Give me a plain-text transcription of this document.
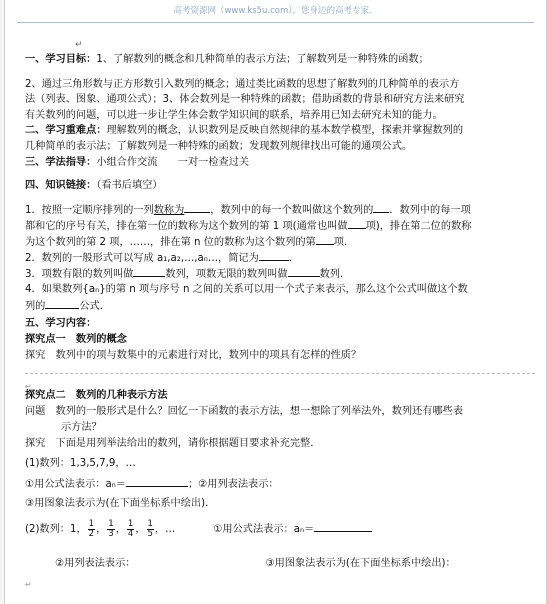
高考资源网（www.ks5u.com），您身边的高考专家。
↵
一、学习目标：1、了解数列的概念和几种简单的表示方法；了解数列是一种特殊的函数；
2、通过三角形数与正方形数引入数列的概念；通过类比函数的思想了解数列的几种简单的表示方
法（列表、图象、通项公式）；3、体会数列是一种特殊的函数；借助函数的背景和研究方法来研究
有关数列的问题，可以进一步让学生体会数学知识间的联系，培养用已知去研究未知的能力。
二、学习重难点：理解数列的概念，认识数列是反映自然规律的基本数学模型，探索并掌握数列的
几种简单的表示法；了解数列是一种特殊的函数；发现数列规律找出可能的通项公式。
三、学法指导：小组合作交流　　一对一检查过关
四、知识链接：（看书后填空）
1．按照一定顺序排列的一列数称为	，数列中的每一个数叫做这个数列的 ．数列中的每一项
都和它的序号有关，排在第一位的数称为这个数列的第 1 项(通常也叫做 项)，排在第二位的数称
为这个数列的第 2 项，……，排在第 n 位的数称为这个数列的第 项．
2．数列的一般形式可以写成 a₁,a₂,…,aₙ…，简记为	．
3．项数有限的数列叫做	数列，项数无限的数列叫做	数列．
4．如果数列{aₙ}的第 n 项与序号 n 之间的关系可以用一个式子来表示，那么这个公式叫做这个数
列的	公式．
五、学习内容：
探究点一　数列的概念
探究　数列中的项与数集中的元素进行对比，数列中的项具有怎样的性质？
探究点二　数列的几种表示方法
问题　数列的一般形式是什么？回忆一下函数的表示方法，想一想除了列举法外，数列还有哪些表
示方法？
探究　下面是用列举法给出的数列，请你根据题目要求补充完整．
(1)数列：1,3,5,7,9，…
①用公式法表示：aₙ＝	；②用列表法表示：
③用图象法表示为(在下面坐标系中绘出)．
(2)数列：1， $\frac{1}{2}$ ， $\frac{1}{3}$ ， $\frac{1}{4}$ ， $\frac{1}{5}$ ，…	①用公式法表示：aₙ＝
②用列表法表示：	③用图象法表示为(在下面坐标系中绘出)：
↵
↵
